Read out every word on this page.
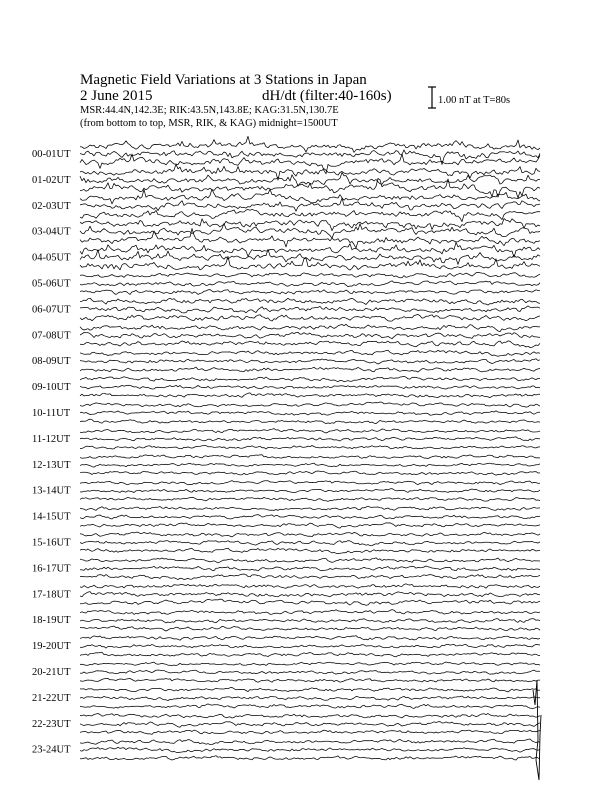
Magnetic Field Variations at 3 Stations in Japan
2 June 2015	dH/dt (filter:40-160s)
MSR:44.4N,142.3E; RIK:43.5N,143.8E; KAG:31.5N,130.7E
(from bottom to top, MSR, RIK, & KAG) midnight=1500UT
1.00 nT at T=80s
00-01UT
01-02UT
02-03UT
03-04UT
04-05UT
05-06UT
06-07UT
07-08UT
08-09UT
09-10UT
10-11UT
11-12UT
12-13UT
13-14UT
14-15UT
15-16UT
16-17UT
17-18UT
18-19UT
19-20UT
20-21UT
21-22UT
22-23UT
23-24UT
